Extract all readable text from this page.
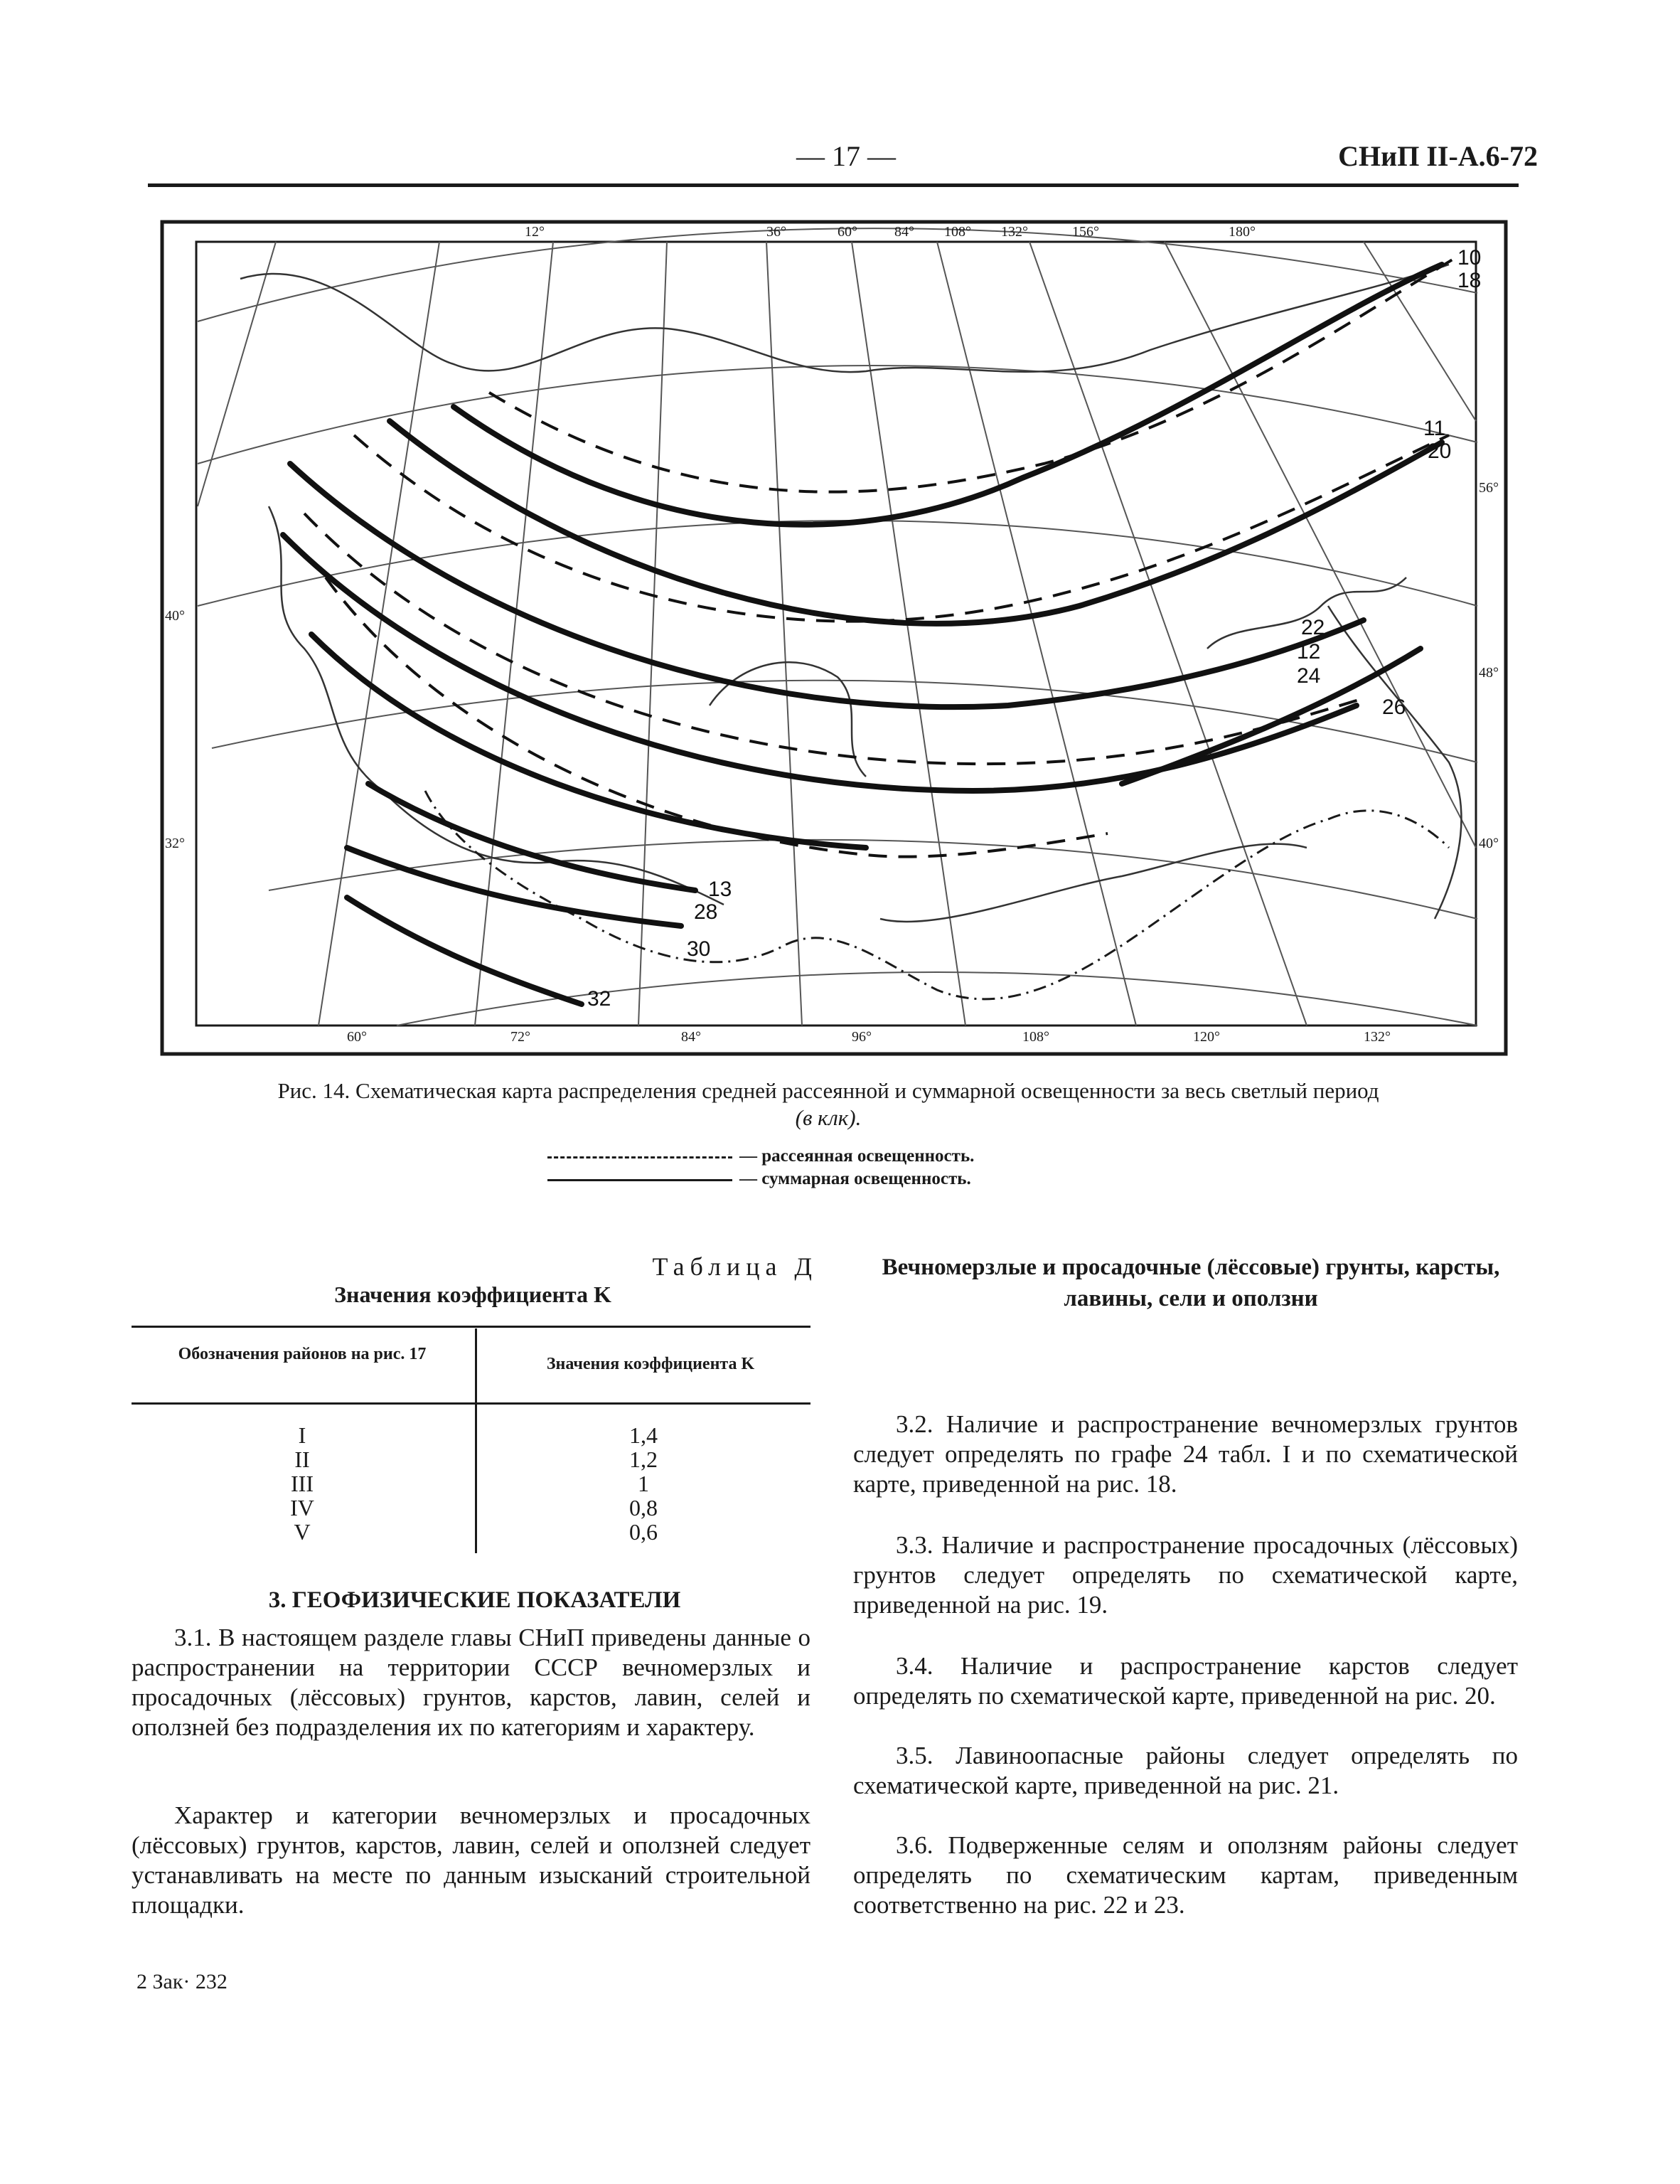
— 17 —	СНиП II-А.6-72
12°	36°	60°	84° 108° 132°	156°	180°
60°	72°	84°	96°	108°	120°	132°
40°
32°
56°
48°
40°
10
18
11
20
22
12
24
26
13
28
30
32
Рис. 14. Схематическая карта распределения средней рассеянной и суммарной освещенности за весь светлый период
(в клк).
— рассеянная освещенность.
— суммарная освещенность.
Таблица Д
Значения коэффициента K
Обозначения районов на рис. 17
Значения коэффициента K
I	1,4
II	1,2
III	1
IV	0,8
V	0,6
3. ГЕОФИЗИЧЕСКИЕ ПОКАЗАТЕЛИ
3.1. В настоящем разделе главы СНиП приведены данные о распространении на территории СССР вечномерзлых и просадочных (лёссовых) грунтов, карстов, лавин, селей и оползней без подразделения их по категориям и характеру.
Характер и категории вечномерзлых и просадочных (лёссовых) грунтов, карстов, лавин, селей и оползней следует устанавливать на месте по данным изысканий строительной площадки.
2 Зак· 232
Вечномерзлые и просадочные (лёссовые) грунты, карсты, лавины, сели и оползни
3.2. Наличие и распространение вечномерзлых грунтов следует определять по графе 24 табл. I и по схематической карте, приведенной на рис. 18.
3.3. Наличие и распространение просадочных (лёссовых) грунтов следует определять по схематической карте, приведенной на рис. 19.
3.4. Наличие и распространение карстов следует определять по схематической карте, приведенной на рис. 20.
3.5. Лавиноопасные районы следует определять по схематической карте, приведенной на рис. 21.
3.6. Подверженные селям и оползням районы следует определять по схематическим картам, приведенным соответственно на рис. 22 и 23.
